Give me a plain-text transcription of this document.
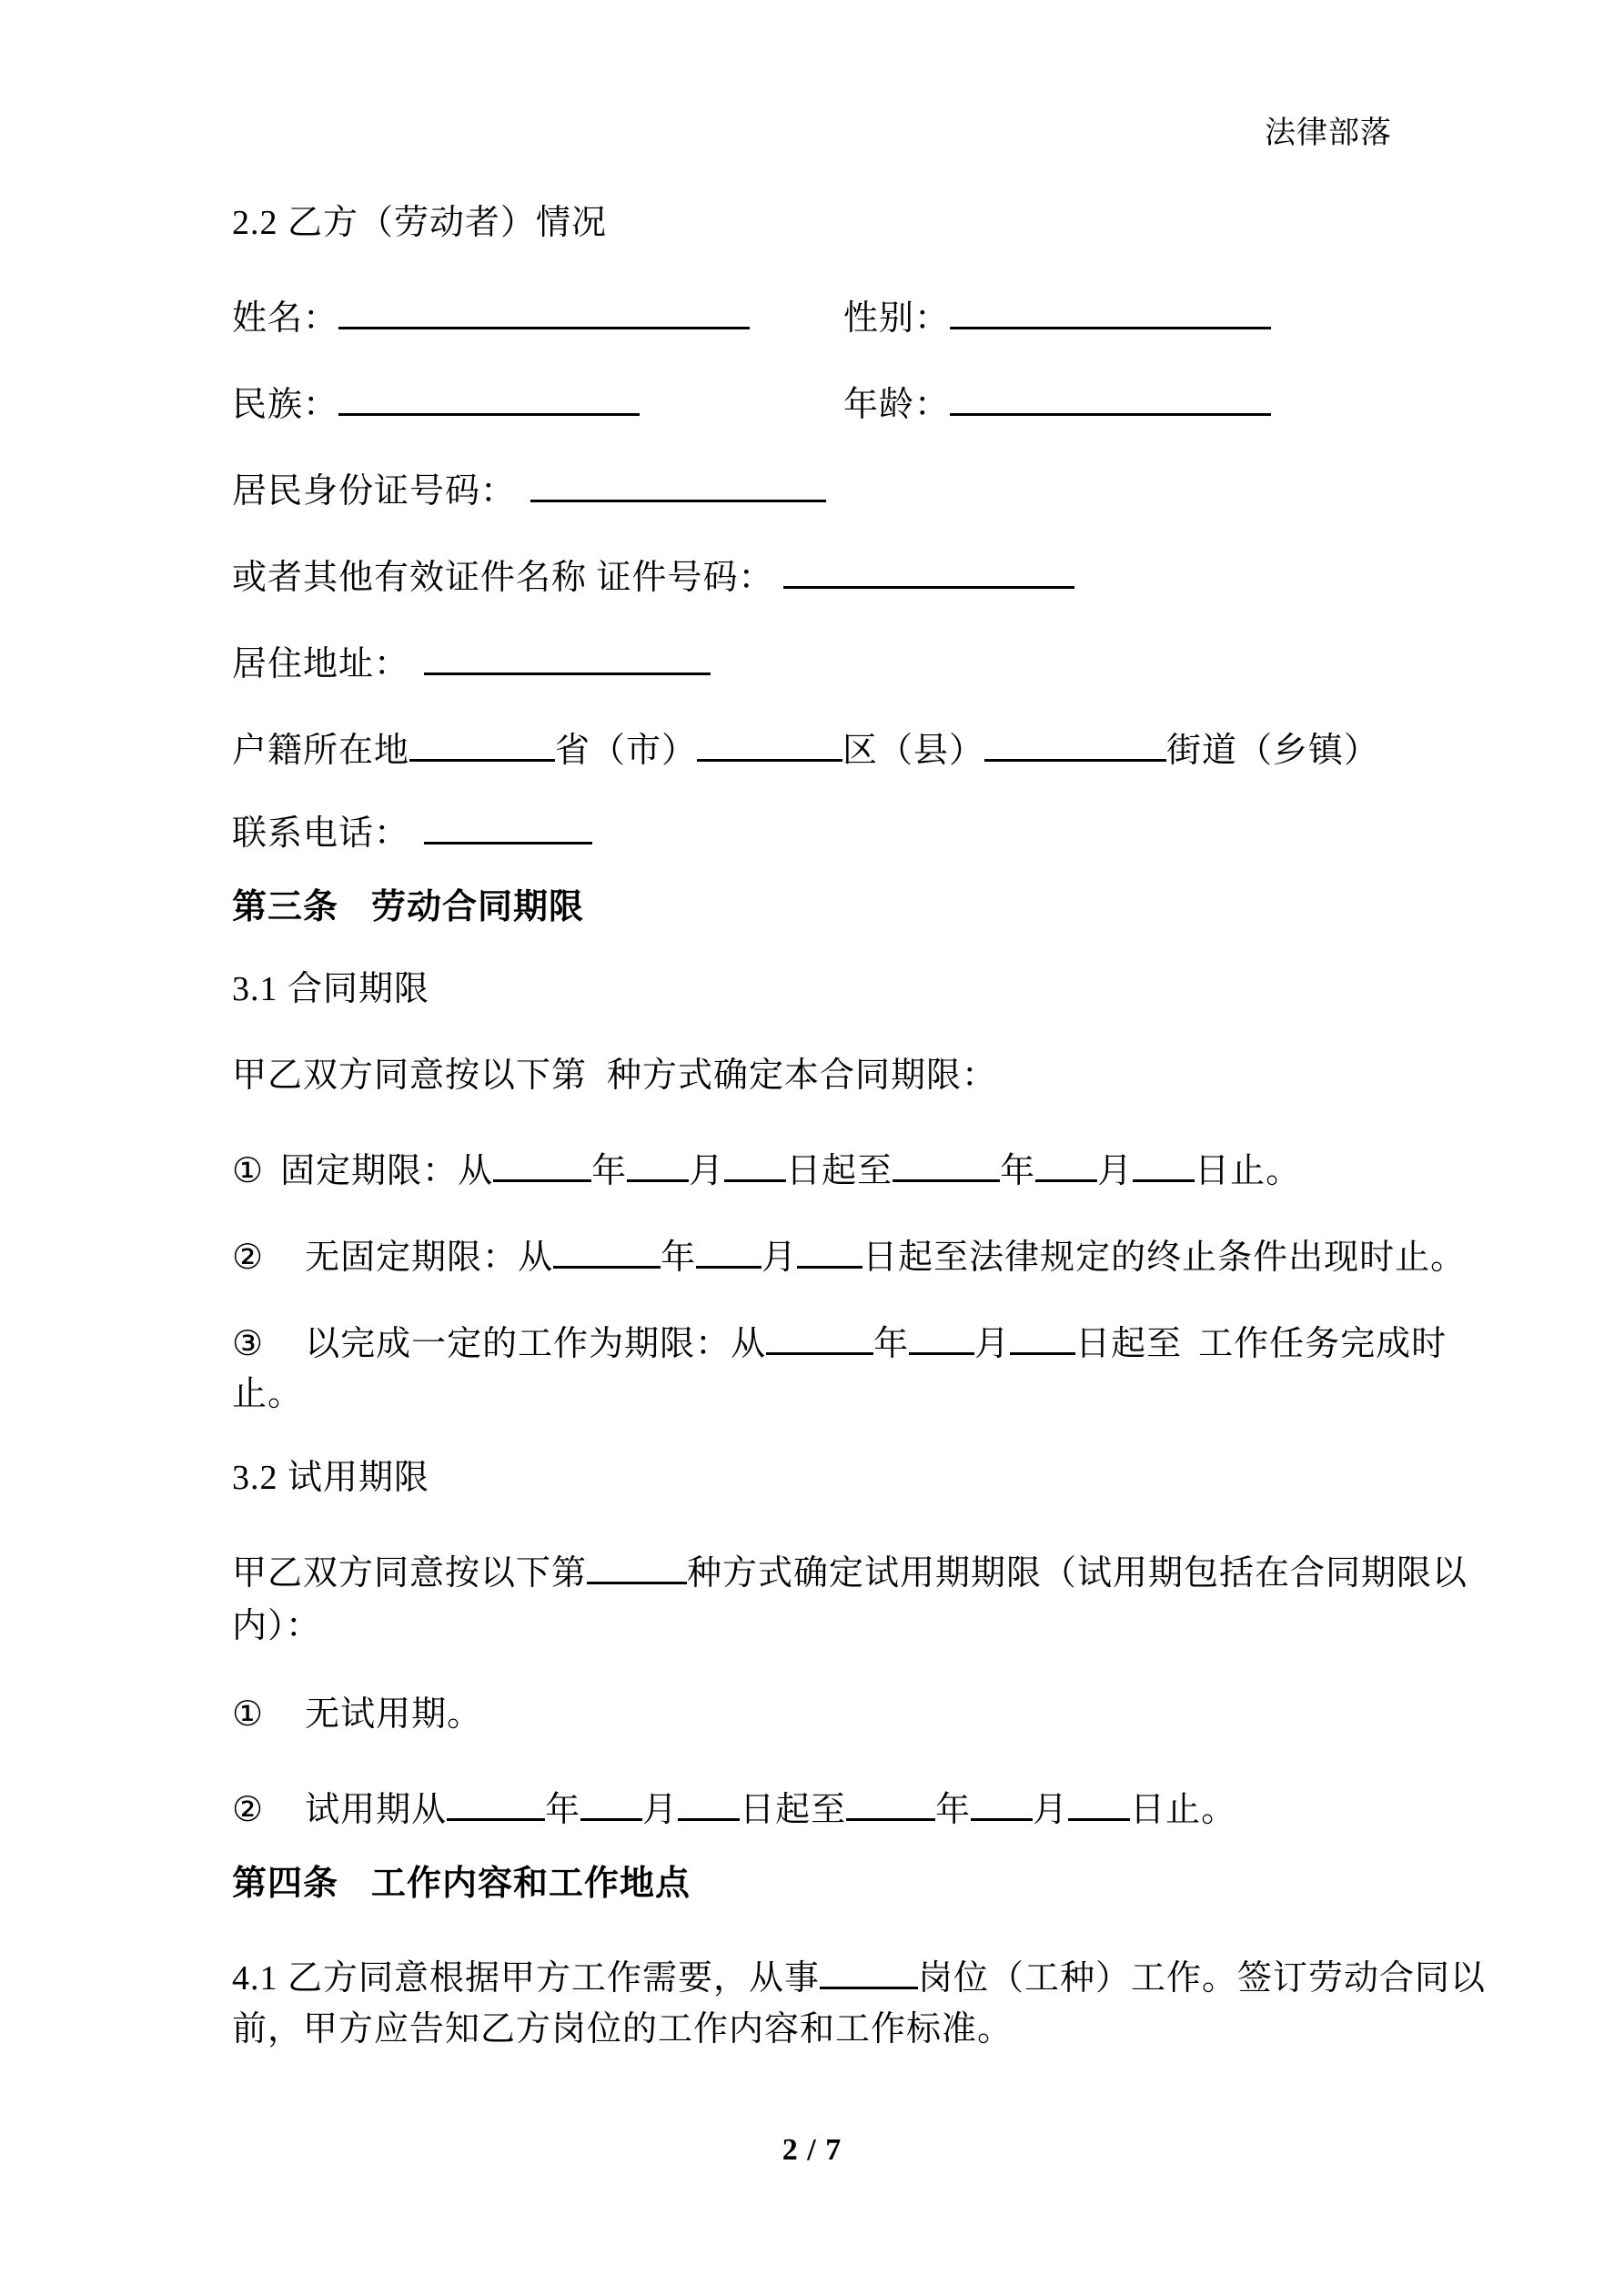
法律部落
2.2 乙方（劳动者）情况
姓名：	性别：
民族：	年龄：
居民身份证号码：
或者其他有效证件名称 证件号码：
居住地址：
户籍所在地	省（市）	区（县）	街道（乡镇）
联系电话：
第三条 劳动合同期限
3.1 合同期限
甲乙双方同意按以下第 种方式确定本合同期限：
① 固定期限：从	年 月 日起至	年 月 日止。
② 无固定期限：从	年 月 日起至法律规定的终止条件出现时止。
③ 以完成一定的工作为期限：从	年 月 日起至 工作任务完成时
止。
3.2 试用期限
甲乙双方同意按以下第	种方式确定试用期期限（试用期包括在合同期限以
内）：
① 无试用期。
② 试用期从	年 月 日起至	年 月 日止。
第四条 工作内容和工作地点
4.1 乙方同意根据甲方工作需要，从事	岗位（工种）工作。签订劳动合同以
前，甲方应告知乙方岗位的工作内容和工作标准。
2 / 7
